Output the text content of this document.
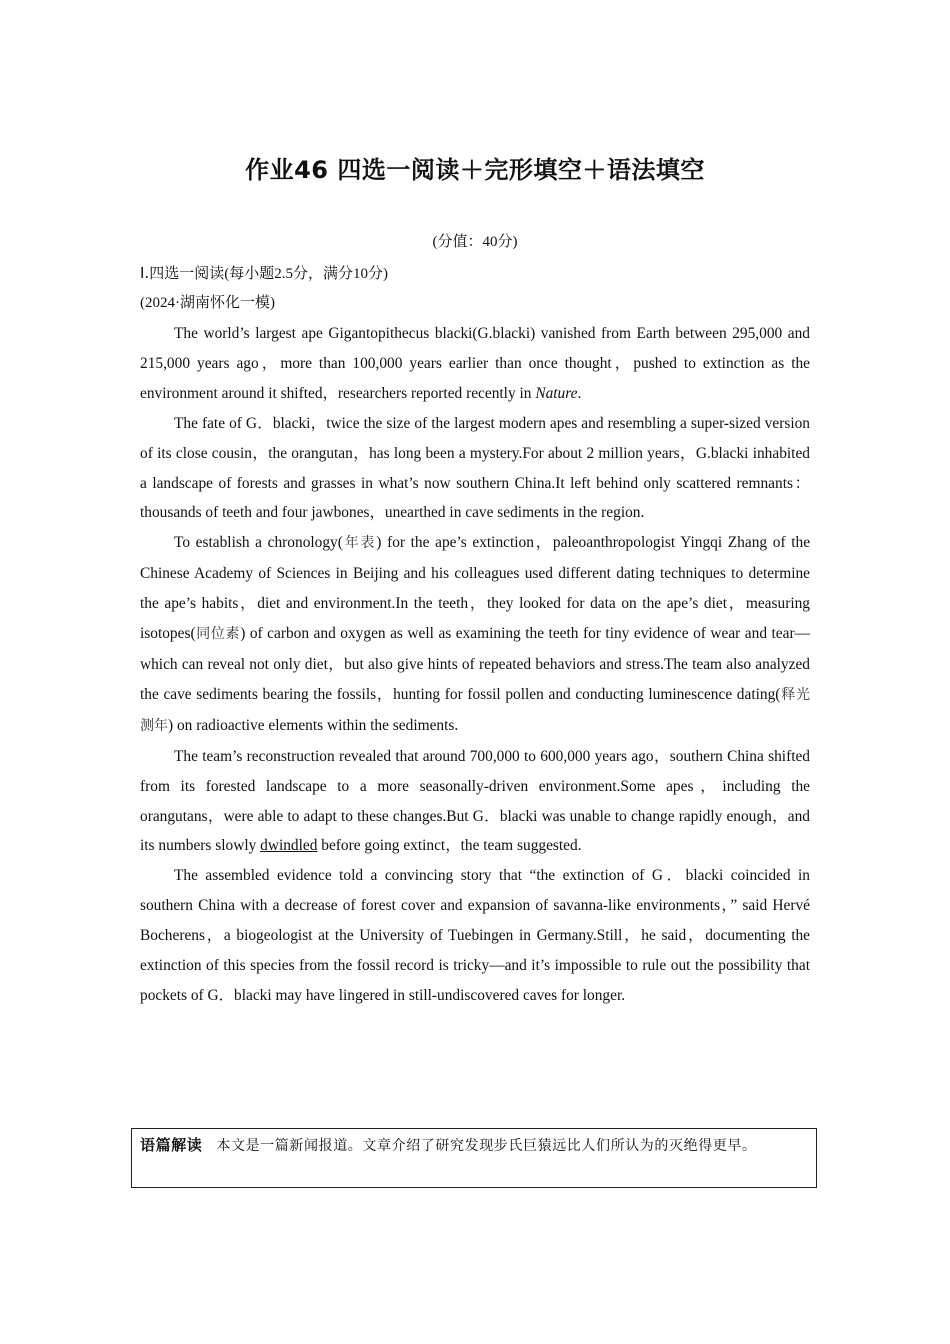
作业46 四选一阅读＋完形填空＋语法填空
(分值：40分)
Ⅰ.四选一阅读(每小题2.5分，满分10分)
(2024·湖南怀化一模)

The world’s largest ape Gigantopithecus blacki(G.blacki) vanished from Earth between 295,000 and 215,000 years ago，more than 100,000 years earlier than once thought，pushed to extinction as the environment around it shifted，researchers reported recently in Nature.

The fate of G．blacki，twice the size of the largest modern apes and resembling a super-sized version of its close cousin，the orangutan，has long been a mystery.For about 2 million years，G.blacki inhabited a landscape of forests and grasses in what’s now southern China.It left behind only scattered remnants：thousands of teeth and four jawbones，unearthed in cave sediments in the region.

To establish a chronology(年表) for the ape’s extinction，paleoanthropologist Yingqi Zhang of the Chinese Academy of Sciences in Beijing and his colleagues used different dating techniques to determine the ape’s habits，diet and environment.In the teeth，they looked for data on the ape’s diet，measuring isotopes(同位素) of carbon and oxygen as well as examining the teeth for tiny evidence of wear and tear—which can reveal not only diet，but also give hints of repeated behaviors and stress.The team also analyzed the cave sediments bearing the fossils，hunting for fossil pollen and conducting luminescence dating(释光测年) on radioactive elements within the sediments.

The team’s reconstruction revealed that around 700,000 to 600,000 years ago，southern China shifted from its forested landscape to a more seasonally-driven environment.Some apes，including the orangutans，were able to adapt to these changes.But G．blacki was unable to change rapidly enough，and its numbers slowly dwindled before going extinct，the team suggested.

The assembled evidence told a convincing story that “the extinction of G．blacki coincided in southern China with a decrease of forest cover and expansion of savanna-like environments，” said Hervé Bocherens，a biogeologist at the University of Tuebingen in Germany.Still，he said，documenting the extinction of this species from the fossil record is tricky—and it’s impossible to rule out the possibility that pockets of G．blacki may have lingered in still-undiscovered caves for longer.

语篇解读 本文是一篇新闻报道。文章介绍了研究发现步氏巨猿远比人们所认为的灭绝得更早。
